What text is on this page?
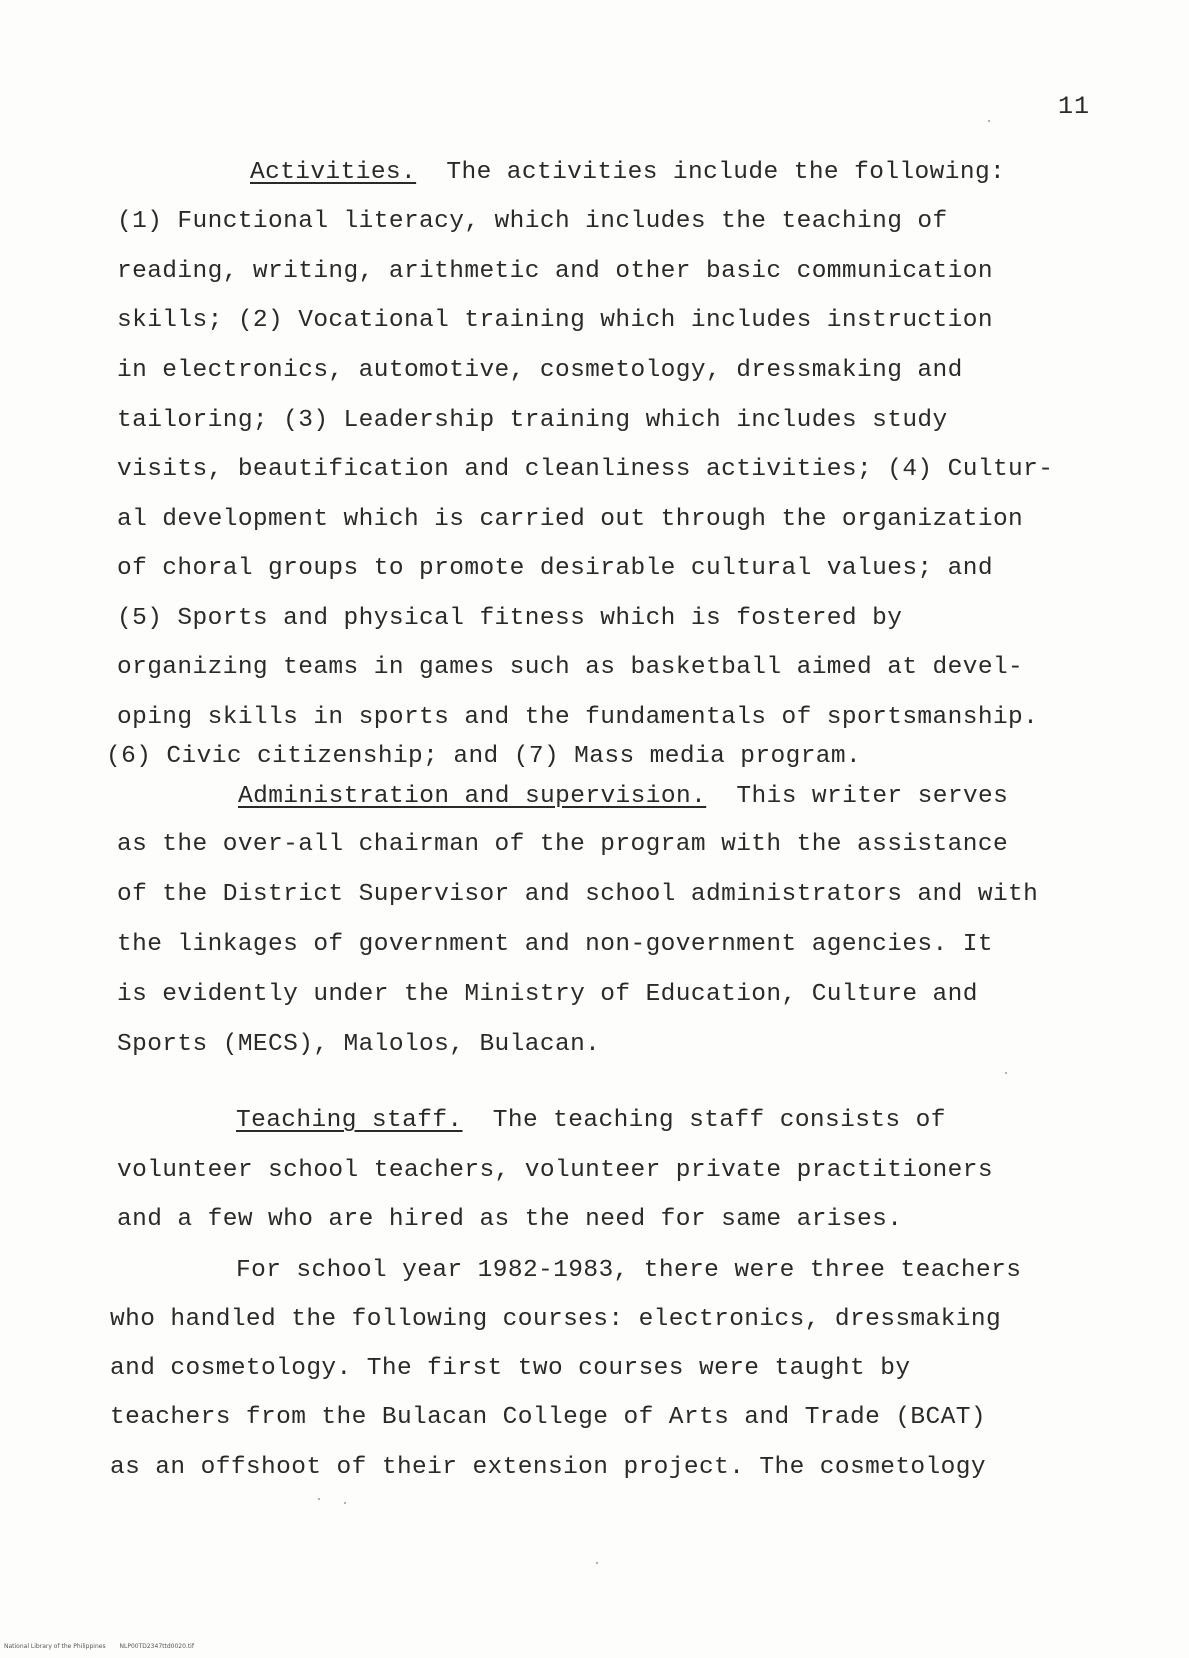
11
Activities. The activities include the following:
(1) Functional literacy, which includes the teaching of
reading, writing, arithmetic and other basic communication
skills; (2) Vocational training which includes instruction
in electronics, automotive, cosmetology, dressmaking and
tailoring; (3) Leadership training which includes study
visits, beautification and cleanliness activities; (4) Cultur-
al development which is carried out through the organization
of choral groups to promote desirable cultural values; and
(5) Sports and physical fitness which is fostered by
organizing teams in games such as basketball aimed at devel-
oping skills in sports and the fundamentals of sportsmanship.
(6) Civic citizenship; and (7) Mass media program.
Administration and supervision. This writer serves
as the over-all chairman of the program with the assistance
of the District Supervisor and school administrators and with
the linkages of government and non-government agencies. It
is evidently under the Ministry of Education, Culture and
Sports (MECS), Malolos, Bulacan.
Teaching staff. The teaching staff consists of
volunteer school teachers, volunteer private practitioners
and a few who are hired as the need for same arises.
For school year 1982-1983, there were three teachers
who handled the following courses: electronics, dressmaking
and cosmetology. The first two courses were taught by
teachers from the Bulacan College of Arts and Trade (BCAT)
as an offshoot of their extension project. The cosmetology
National Library of the Philippines NLP00TD2347ttd0020.tif
